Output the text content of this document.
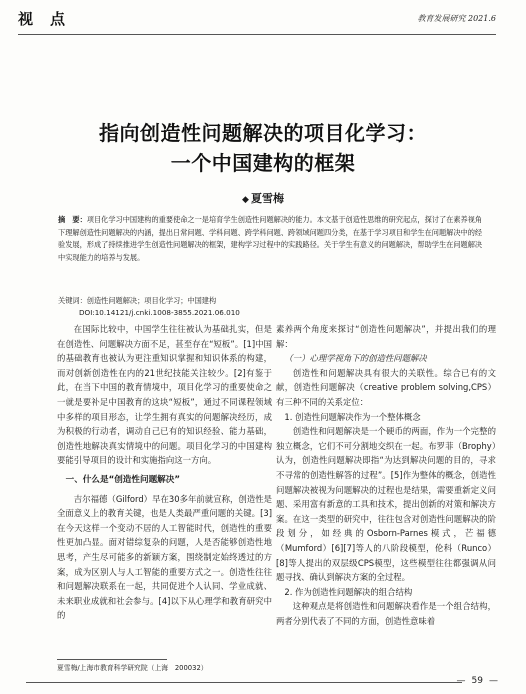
视点	教育发展研究 2021.6
指向创造性问题解决的项目化学习：
一个中国建构的框架
◆ 夏雪梅
摘　要：项目化学习中国建构的重要使命之一是培育学生创造性问题解决的能力。本文基于创造性思维的研究起点，探讨了在素养视角下理解创造性问题解决的内涵，提出日常问题、学科问题、跨学科问题、跨领域问题四分类，在基于学习项目和学生在问题解决中的经验发展，形成了持续推进学生创造性问题解决的框架，建构学习过程中的实践路径。关于学生有意义的问题解决，帮助学生在问题解决中实现能力的培养与发展。
关键词：创造性问题解决；项目化学习；中国建构
DOI:10.14121/j.cnki.1008-3855.2021.06.010

在国际比较中，中国学生往往被认为基础扎实，但是在创造性、问题解决方面不足，甚至存在“短板”。[1]中国的基础教育也被认为更注重知识掌握和知识体系的构建，而对创新创造性在内的21世纪技能关注较少。[2]有鉴于此，在当下中国的教育情境中，项目化学习的重要使命之一就是要补足中国教育的这块“短板”，通过不同课程领域中多样的项目形态，让学生拥有真实的问题解决经历，成为积极的行动者，调动自己已有的知识经验、能力基础，创造性地解决真实情境中的问题。项目化学习的中国建构要能引导项目的设计和实施指向这一方向。

一、什么是“创造性问题解决”

吉尔福德（Gilford）早在30多年前就宣称，创造性是全面意义上的教育关键，也是人类最严重问题的关键。[3]在今天这样一个变动不居的人工智能时代，创造性的重要性更加凸显。面对错综复杂的问题，人是否能够创造性地思考，产生尽可能多的新颖方案，围绕制定始终透过的方案，成为区别人与人工智能的重要方式之一。创造性往往和问题解决联系在一起，共同促进个人认同、学业成就、未来职业成就和社会参与。[4]以下从心理学和教育研究中的

素养两个角度来探讨“创造性问题解决”，并提出我们的理解：

（一）心理学视角下的创造性问题解决

创造性和问题解决具有很大的关联性。综合已有的文献，创造性问题解决（creative problem solving,CPS）有三种不同的关系定位：

1. 创造性问题解决作为一个整体概念

创造性和问题解决是一个硬币的两面，作为一个完整的独立概念，它们不可分割地交织在一起。布罗菲（Brophy）认为，创造性问题解决即指“为达到解决问题的目的，寻求不寻常的创造性解答的过程”。[5]作为整体的概念，创造性问题解决被视为问题解决的过程也是结果，需要重新定义问题、采用富有新意的工具和技术，提出创新的对策和解决方案。在这一类型的研究中，往往包含对创造性问题解决的阶段划分，如经典的Osborn-Parnes模式，芒福德（Mumford）[6][7]等人的八阶段模型，伦科（Runco）[8]等人提出的双层级CPS模型，这些模型往往都强调从问题寻找、确认到解决方案的全过程。

2. 作为创造性问题解决的组合结构

这种观点是将创造性和问题解决看作是一个组合结构，两者分别代表了不同的方面，创造性意味着

夏雪梅/上海市教育科学研究院（上海　200032）
— 59 —
